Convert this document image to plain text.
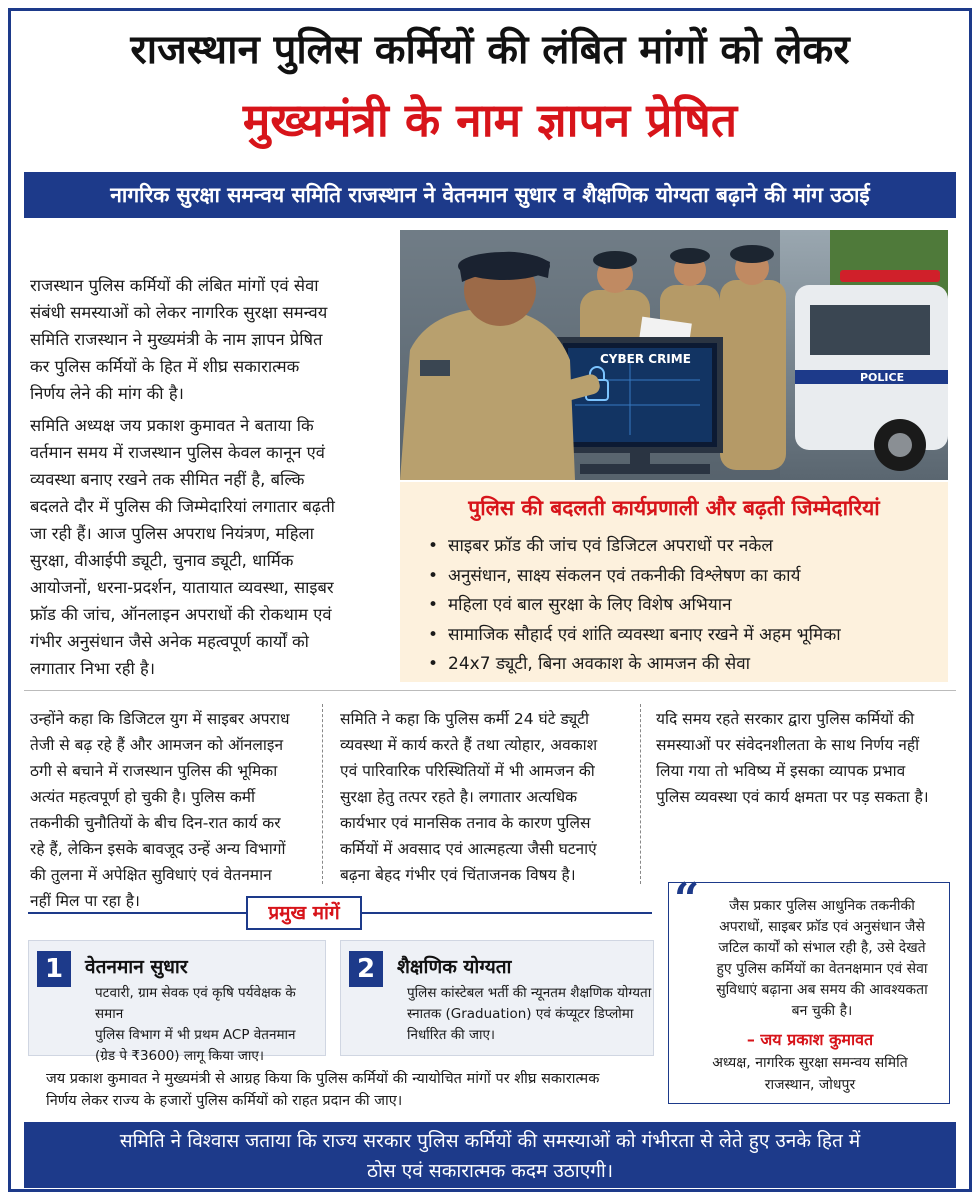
राजस्थान पुलिस कर्मियों की लंबित मांगों को लेकर
मुख्यमंत्री के नाम ज्ञापन प्रेषित
नागरिक सुरक्षा समन्वय समिति राजस्थान ने वेतनमान सुधार व शैक्षणिक योग्यता बढ़ाने की मांग उठाई
राजस्थान पुलिस कर्मियों की लंबित मांगों एवं सेवा
संबंधी समस्याओं को लेकर नागरिक सुरक्षा समन्वय
समिति राजस्थान ने मुख्यमंत्री के नाम ज्ञापन प्रेषित
कर पुलिस कर्मियों के हित में शीघ्र सकारात्मक
निर्णय लेने की मांग की है।
समिति अध्यक्ष जय प्रकाश कुमावत ने बताया कि
वर्तमान समय में राजस्थान पुलिस केवल कानून एवं
व्यवस्था बनाए रखने तक सीमित नहीं है, बल्कि
बदलते दौर में पुलिस की जिम्मेदारियां लगातार बढ़ती
जा रही हैं। आज पुलिस अपराध नियंत्रण, महिला
सुरक्षा, वीआईपी ड्यूटी, चुनाव ड्यूटी, धार्मिक
आयोजनों, धरना-प्रदर्शन, यातायात व्यवस्था, साइबर
फ्रॉड की जांच, ऑनलाइन अपराधों की रोकथाम एवं
गंभीर अनुसंधान जैसे अनेक महत्वपूर्ण कार्यों को
लगातार निभा रही है।
POLICE
CYBER CRIME
पुलिस की बदलती कार्यप्रणाली और बढ़ती जिम्मेदारियां
• साइबर फ्रॉड की जांच एवं डिजिटल अपराधों पर नकेल
• अनुसंधान, साक्ष्य संकलन एवं तकनीकी विश्लेषण का कार्य
• महिला एवं बाल सुरक्षा के लिए विशेष अभियान
• सामाजिक सौहार्द एवं शांति व्यवस्था बनाए रखने में अहम भूमिका
• 24x7 ड्यूटी, बिना अवकाश के आमजन की सेवा
उन्होंने कहा कि डिजिटल युग में साइबर अपराध
तेजी से बढ़ रहे हैं और आमजन को ऑनलाइन
ठगी से बचाने में राजस्थान पुलिस की भूमिका
अत्यंत महत्वपूर्ण हो चुकी है। पुलिस कर्मी
तकनीकी चुनौतियों के बीच दिन-रात कार्य कर
रहे हैं, लेकिन इसके बावजूद उन्हें अन्य विभागों
की तुलना में अपेक्षित सुविधाएं एवं वेतनमान
नहीं मिल पा रहा है।
समिति ने कहा कि पुलिस कर्मी 24 घंटे ड्यूटी
व्यवस्था में कार्य करते हैं तथा त्योहार, अवकाश
एवं पारिवारिक परिस्थितियों में भी आमजन की
सुरक्षा हेतु तत्पर रहते है। लगातार अत्यधिक
कार्यभार एवं मानसिक तनाव के कारण पुलिस
कर्मियों में अवसाद एवं आत्महत्या जैसी घटनाएं
बढ़ना बेहद गंभीर एवं चिंताजनक विषय है।
यदि समय रहते सरकार द्वारा पुलिस कर्मियों की
समस्याओं पर संवेदनशीलता के साथ निर्णय नहीं
लिया गया तो भविष्य में इसका व्यापक प्रभाव
पुलिस व्यवस्था एवं कार्य क्षमता पर पड़ सकता है।
प्रमुख मांगें
1	वेतनमान सुधार
पटवारी, ग्राम सेवक एवं कृषि पर्यवेक्षक के समान
पुलिस विभाग में भी प्रथम ACP वेतनमान
(ग्रेड पे ₹3600) लागू किया जाए।
2	शैक्षणिक योग्यता
पुलिस कांस्टेबल भर्ती की न्यूनतम शैक्षणिक योग्यता
स्नातक (Graduation) एवं कंप्यूटर डिप्लोमा
निर्धारित की जाए।
“	जैस प्रकार पुलिस आधुनिक तकनीकी
अपराधों, साइबर फ्रॉड एवं अनुसंधान जैसे
जटिल कार्यों को संभाल रही है, उसे देखते
हुए पुलिस कर्मियों का वेतनक्षमान एवं सेवा
सुविधाएं बढ़ाना अब समय की आवश्यकता
बन चुकी है।
– जय प्रकाश कुमावत
अध्यक्ष, नागरिक सुरक्षा समन्वय समिति
राजस्थान, जोधपुर
जय प्रकाश कुमावत ने मुख्यमंत्री से आग्रह किया कि पुलिस कर्मियों की न्यायोचित मांगों पर शीघ्र सकारात्मक
निर्णय लेकर राज्य के हजारों पुलिस कर्मियों को राहत प्रदान की जाए।
समिति ने विश्वास जताया कि राज्य सरकार पुलिस कर्मियों की समस्याओं को गंभीरता से लेते हुए उनके हित में
ठोस एवं सकारात्मक कदम उठाएगी।
